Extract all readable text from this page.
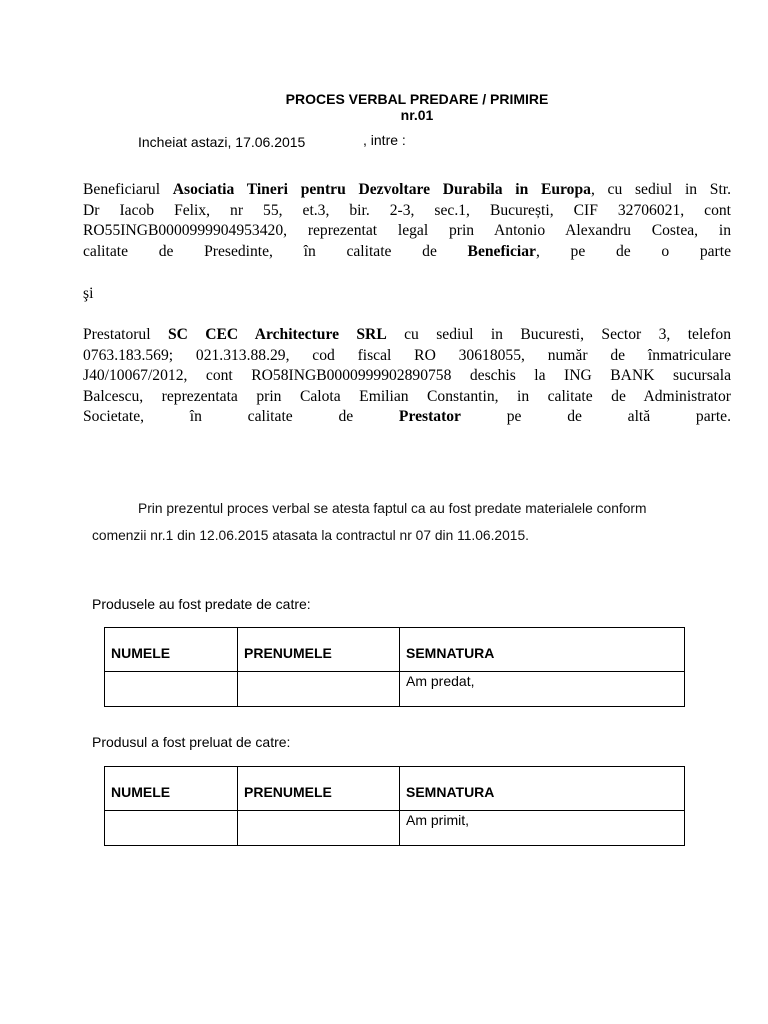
PROCES VERBAL PREDARE / PRIMIRE
nr.01
Incheiat astazi, 17.06.2015	, intre :
Beneficiarul Asociatia Tineri pentru Dezvoltare Durabila in Europa, cu sediul in Str.
Dr Iacob Felix, nr 55, et.3, bir. 2-3, sec.1, București, CIF 32706021, cont
RO55INGB0000999904953420, reprezentat legal prin Antonio Alexandru Costea, in
calitate de Presedinte, în calitate de Beneficiar, pe de o parte
şi
Prestatorul SC CEC Architecture SRL cu sediul in Bucuresti, Sector 3, telefon
0763.183.569; 021.313.88.29, cod fiscal RO 30618055, număr de înmatriculare
J40/10067/2012, cont RO58INGB0000999902890758 deschis la ING BANK sucursala
Balcescu, reprezentata prin Calota Emilian Constantin, in calitate de Administrator
Societate, în calitate de Prestator pe de altă parte.
Prin prezentul proces verbal se atesta faptul ca au fost predate materialele conform
comenzii nr.1 din 12.06.2015 atasata la contractul nr 07 din 11.06.2015.
Produsele au fost predate de catre:
NUMELE	PRENUMELE	SEMNATURA
		Am predat,
Produsul a fost preluat de catre:
NUMELE	PRENUMELE	SEMNATURA
		Am primit,
